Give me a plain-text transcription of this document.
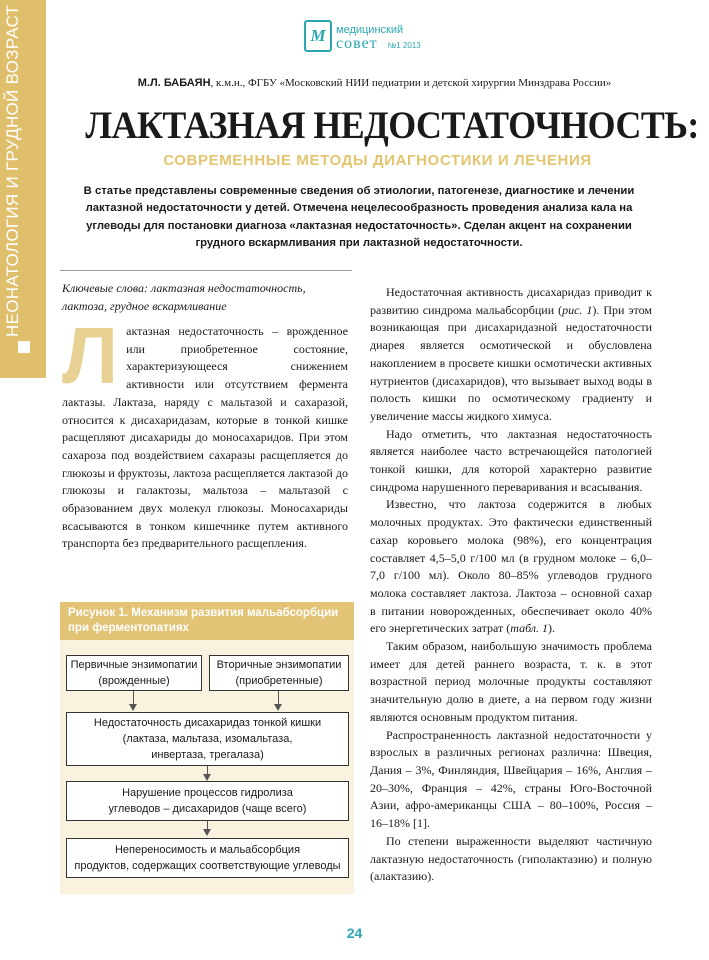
НЕОНАТОЛОГИЯ И ГРУДНОЙ ВОЗРАСТ	М медицинский
совет №1 2013
М.Л. БАБАЯН, к.м.н., ФГБУ «Московский НИИ педиатрии и детской хирургии Минздрава России»
ЛАКТАЗНАЯ НЕДОСТАТОЧНОСТЬ:
СОВРЕМЕННЫЕ МЕТОДЫ ДИАГНОСТИКИ И ЛЕЧЕНИЯ
В статье представлены современные сведения об этиологии, патогенезе, диагностике и лечении лактазной недостаточности у детей. Отмечена нецелесообразность проведения анализа кала на углеводы для постановки диагноза «лактазная недостаточность». Сделан акцент на сохранении грудного вскармливания при лактазной недостаточности.
Ключевые слова: лактазная недостаточность, лактоза, грудное вскармливание
Л актазная недостаточность – врожденное или приобретенное состояние, характеризующееся снижением активности или отсутствием фермента лактазы. Лактаза, наряду с мальтазой и сахаразой, относится к дисахаридазам, которые в тонкой кишке расщепляют дисахариды до моносахаридов. При этом сахароза под воздействием сахаразы расщепляется до глюкозы и фруктозы, лактоза расщепляется лактазой до глюкозы и галактозы, мальтоза – мальтазой с образованием двух молекул глюкозы. Моносахариды всасываются в тонком кишечнике путем активного транспорта без предварительного расщепления.

Рисунок 1. Механизм развития мальабсорбции при ферментопатиях
Первичные энзимопатии
(врожденные)
Вторичные энзимопатии
(приобретенные)
Недостаточность дисахаридаз тонкой кишки
(лактаза, мальтаза, изомальтаза,
инвертаза, трегалаза)
Нарушение процессов гидролиза
углеводов – дисахаридов (чаще всего)
Непереносимость и мальабсорбция
продуктов, содержащих соответствующие углеводы

Недостаточная активность дисахаридаз приводит к развитию синдрома мальабсорбции (рис. 1). При этом возникающая при дисахаридазной недостаточности диарея является осмотической и обусловлена накоплением в просвете кишки осмотически активных нутриентов (дисахаридов), что вызывает выход воды в полость кишки по осмотическому градиенту и увеличение массы жидкого химуса.

Надо отметить, что лактазная недостаточность является наиболее часто встречающейся патологией тонкой кишки, для которой характерно развитие синдрома нарушенного переваривания и всасывания.

Известно, что лактоза содержится в любых молочных продуктах. Это фактически единственный сахар коровьего молока (98%), его концентрация составляет 4,5–5,0 г/100 мл (в грудном молоке – 6,0–7,0 г/100 мл). Около 80–85% углеводов грудного молока составляет лактоза. Лактоза – основной сахар в питании новорожденных, обеспечивает около 40% его энергетических затрат (табл. 1).

Таким образом, наибольшую значимость проблема имеет для детей раннего возраста, т. к. в этот возрастной период молочные продукты составляют значительную долю в диете, а на первом году жизни являются основным продуктом питания.

Распространенность лактазной недостаточности у взрослых в различных регионах различна: Швеция, Дания – 3%, Финляндия, Швейцария – 16%, Англия – 20–30%, Франция – 42%, страны Юго-Восточной Азии, афро-американцы США – 80–100%, Россия – 16–18% [1].

По степени выраженности выделяют частичную лактазную недостаточность (гиполактазию) и полную (алактазию).

24
